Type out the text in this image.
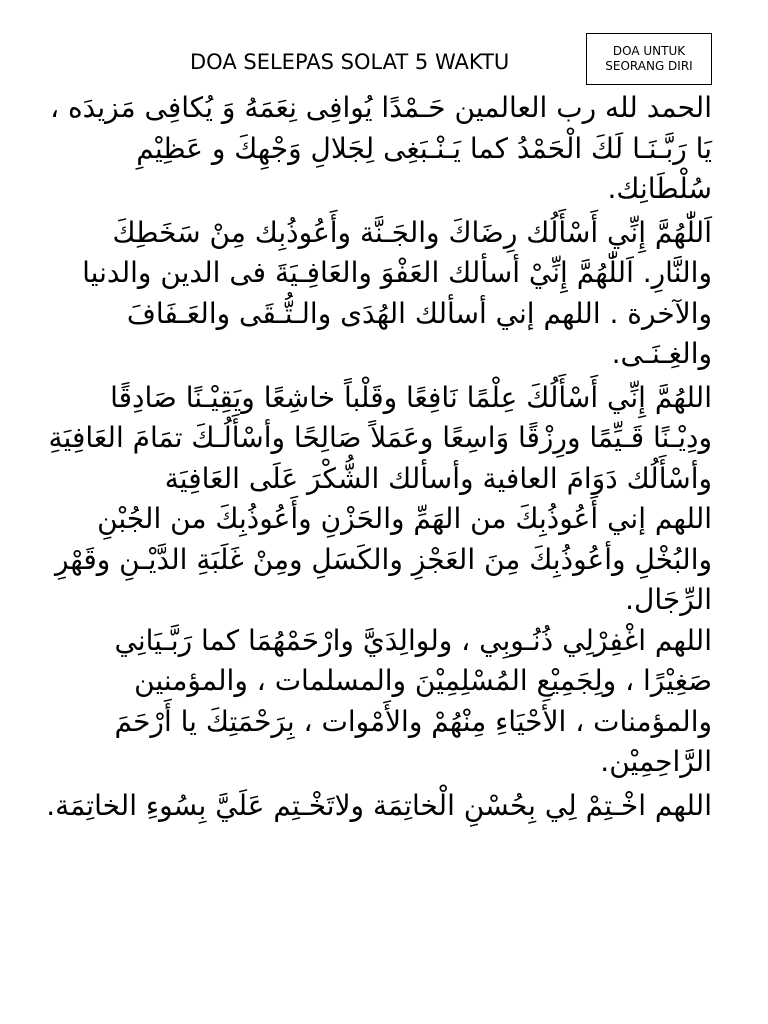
DOA SELEPAS SOLAT 5 WAKTU	DOA UNTUK
SEORANG DIRI

الحمد لله رب العالمين حَـمْدًا يُوافِى نِعَمَهُ وَ يُكافِى مَزيدَه ، يَا رَبَّـنَـا لَكَ الْحَمْدُ كما يَـنْـبَغِى لِجَلالِ وَجْهِكَ و عَظِيْمِ سُلْطَانِك.

اَللّٰهُمَّ إِنِّي أَسْأَلُك رِضَاكَ والجَـنَّة وأَعُوذُبِك مِنْ سَخَطِكَ والنَّارِ. اَللّٰهُمَّ إِنِّيْ أسألك العَفْوَ والعَافِـيَةَ فى الدين والدنيا والآخرة . اللهم إني أسألك الهُدَى والـتُّـقَى والعَـفَافَ والغِـنَـى.

اللهُمَّ إِنِّي أَسْأَلُكَ عِلْمًا نَافِعًا وقَلْباً خاشِعًا ويَقِيْـنًا صَادِقًا ودِيْـنًا قَـيِّمًا ورِزْقًا وَاسِعًا وعَمَلاً صَالِحًا وأسْأَلُـكَ تمَامَ العَافِيَةِ وأسْأَلُك دَوَامَ العافية وأسألك الشُّكْرَ عَلَى العَافِيَة

اللهم إني أَعُوذُبِكَ من الهَمِّ والحَزْنِ وأَعُوذُبِكَ من الجُبْنِ والبُخْلِ وأعُوذُبِكَ مِنَ العَجْزِ والكَسَلِ ومِنْ غَلَبَةِ الدَّيْـنِ وقَهْرِ الرِّجَال.

اللهم اغْفِرْلِي ذُنُـوبِي ، ولوالِدَيَّ وارْحَمْهُمَا كما رَبَّـيَانِي صَغِيْرًا ، ولِجَمِيْعِ المُسْلِمِيْنَ والمسلمات ، والمؤمنين والمؤمنات ، الأحْيَاءِ مِنْهُمْ والأَمْوات ، بِرَحْمَتِكَ يا أَرْحَمَ الرَّاحِمِيْن.

اللهم اخْـتِمْ لِي بِحُسْنِ الْخاتِمَة ولاتَخْـتِم عَلَيَّ بِسُوءِ الخاتِمَة.
